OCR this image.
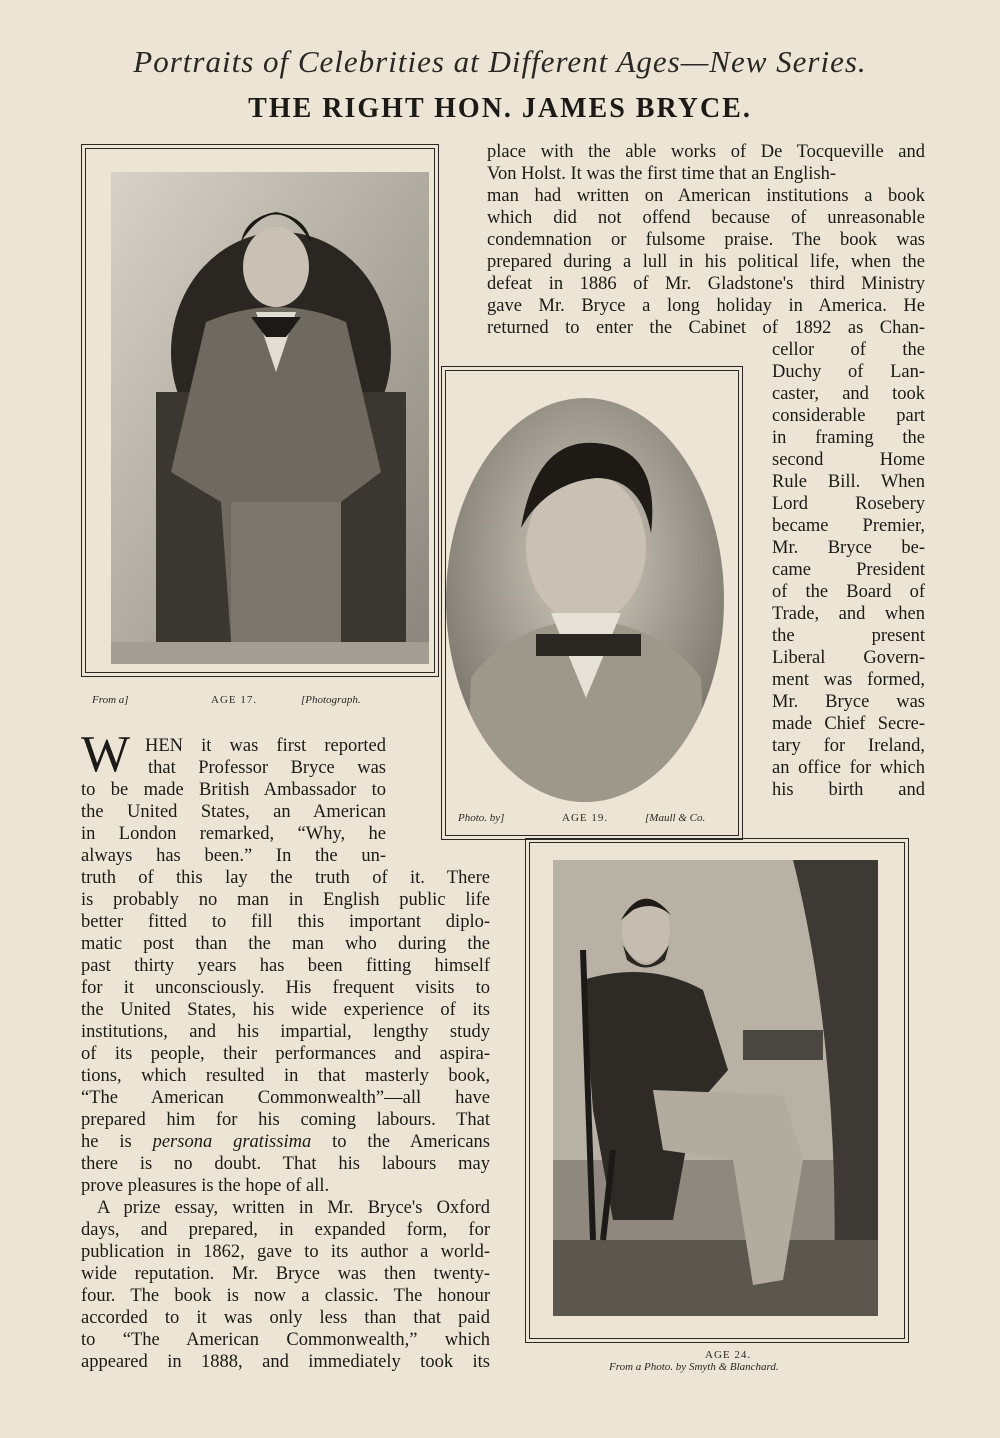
Portraits of Celebrities at Different Ages—New Series.
THE RIGHT HON. JAMES BRYCE.
From a]	AGE 17.	[Photograph.
Photo. by]	AGE 19.	[Maull & Co.
AGE 24.
From a Photo. by Smyth & Blanchard.
place with the able works of De Tocqueville and
Von Holst. It was the first time that an English-
man had written on American institutions a book
which did not offend because of unreasonable
condemnation or fulsome praise. The book was
prepared during a lull in his political life, when the
defeat in 1886 of Mr. Gladstone's third Ministry
gave Mr. Bryce a long holiday in America. He
returned to enter the Cabinet of 1892 as Chan-
cellor of the
Duchy of Lan-
caster, and took
considerable part
in framing the
second Home
Rule Bill. When
Lord Rosebery
became Premier,
Mr. Bryce be-
came President
of the Board of
Trade, and when
the present
Liberal Govern-
ment was formed,
Mr. Bryce was
made Chief Secre-
tary for Ireland,
an office for which
his birth and
W HEN it was first reported
that Professor Bryce was
to be made British Ambassador to
the United States, an American
in London remarked, “Why, he
always has been.” In the un-
truth of this lay the truth of it. There
is probably no man in English public life
better fitted to fill this important diplo-
matic post than the man who during the
past thirty years has been fitting himself
for it unconsciously. His frequent visits to
the United States, his wide experience of its
institutions, and his impartial, lengthy study
of its people, their performances and aspira-
tions, which resulted in that masterly book,
“The American Commonwealth”—all have
prepared him for his coming labours. That
he is persona gratissima to the Americans
there is no doubt. That his labours may
prove pleasures is the hope of all.
A prize essay, written in Mr. Bryce's Oxford
days, and prepared, in expanded form, for
publication in 1862, gave to its author a world-
wide reputation. Mr. Bryce was then twenty-
four. The book is now a classic. The honour
accorded to it was only less than that paid
to “The American Commonwealth,” which
appeared in 1888, and immediately took its
